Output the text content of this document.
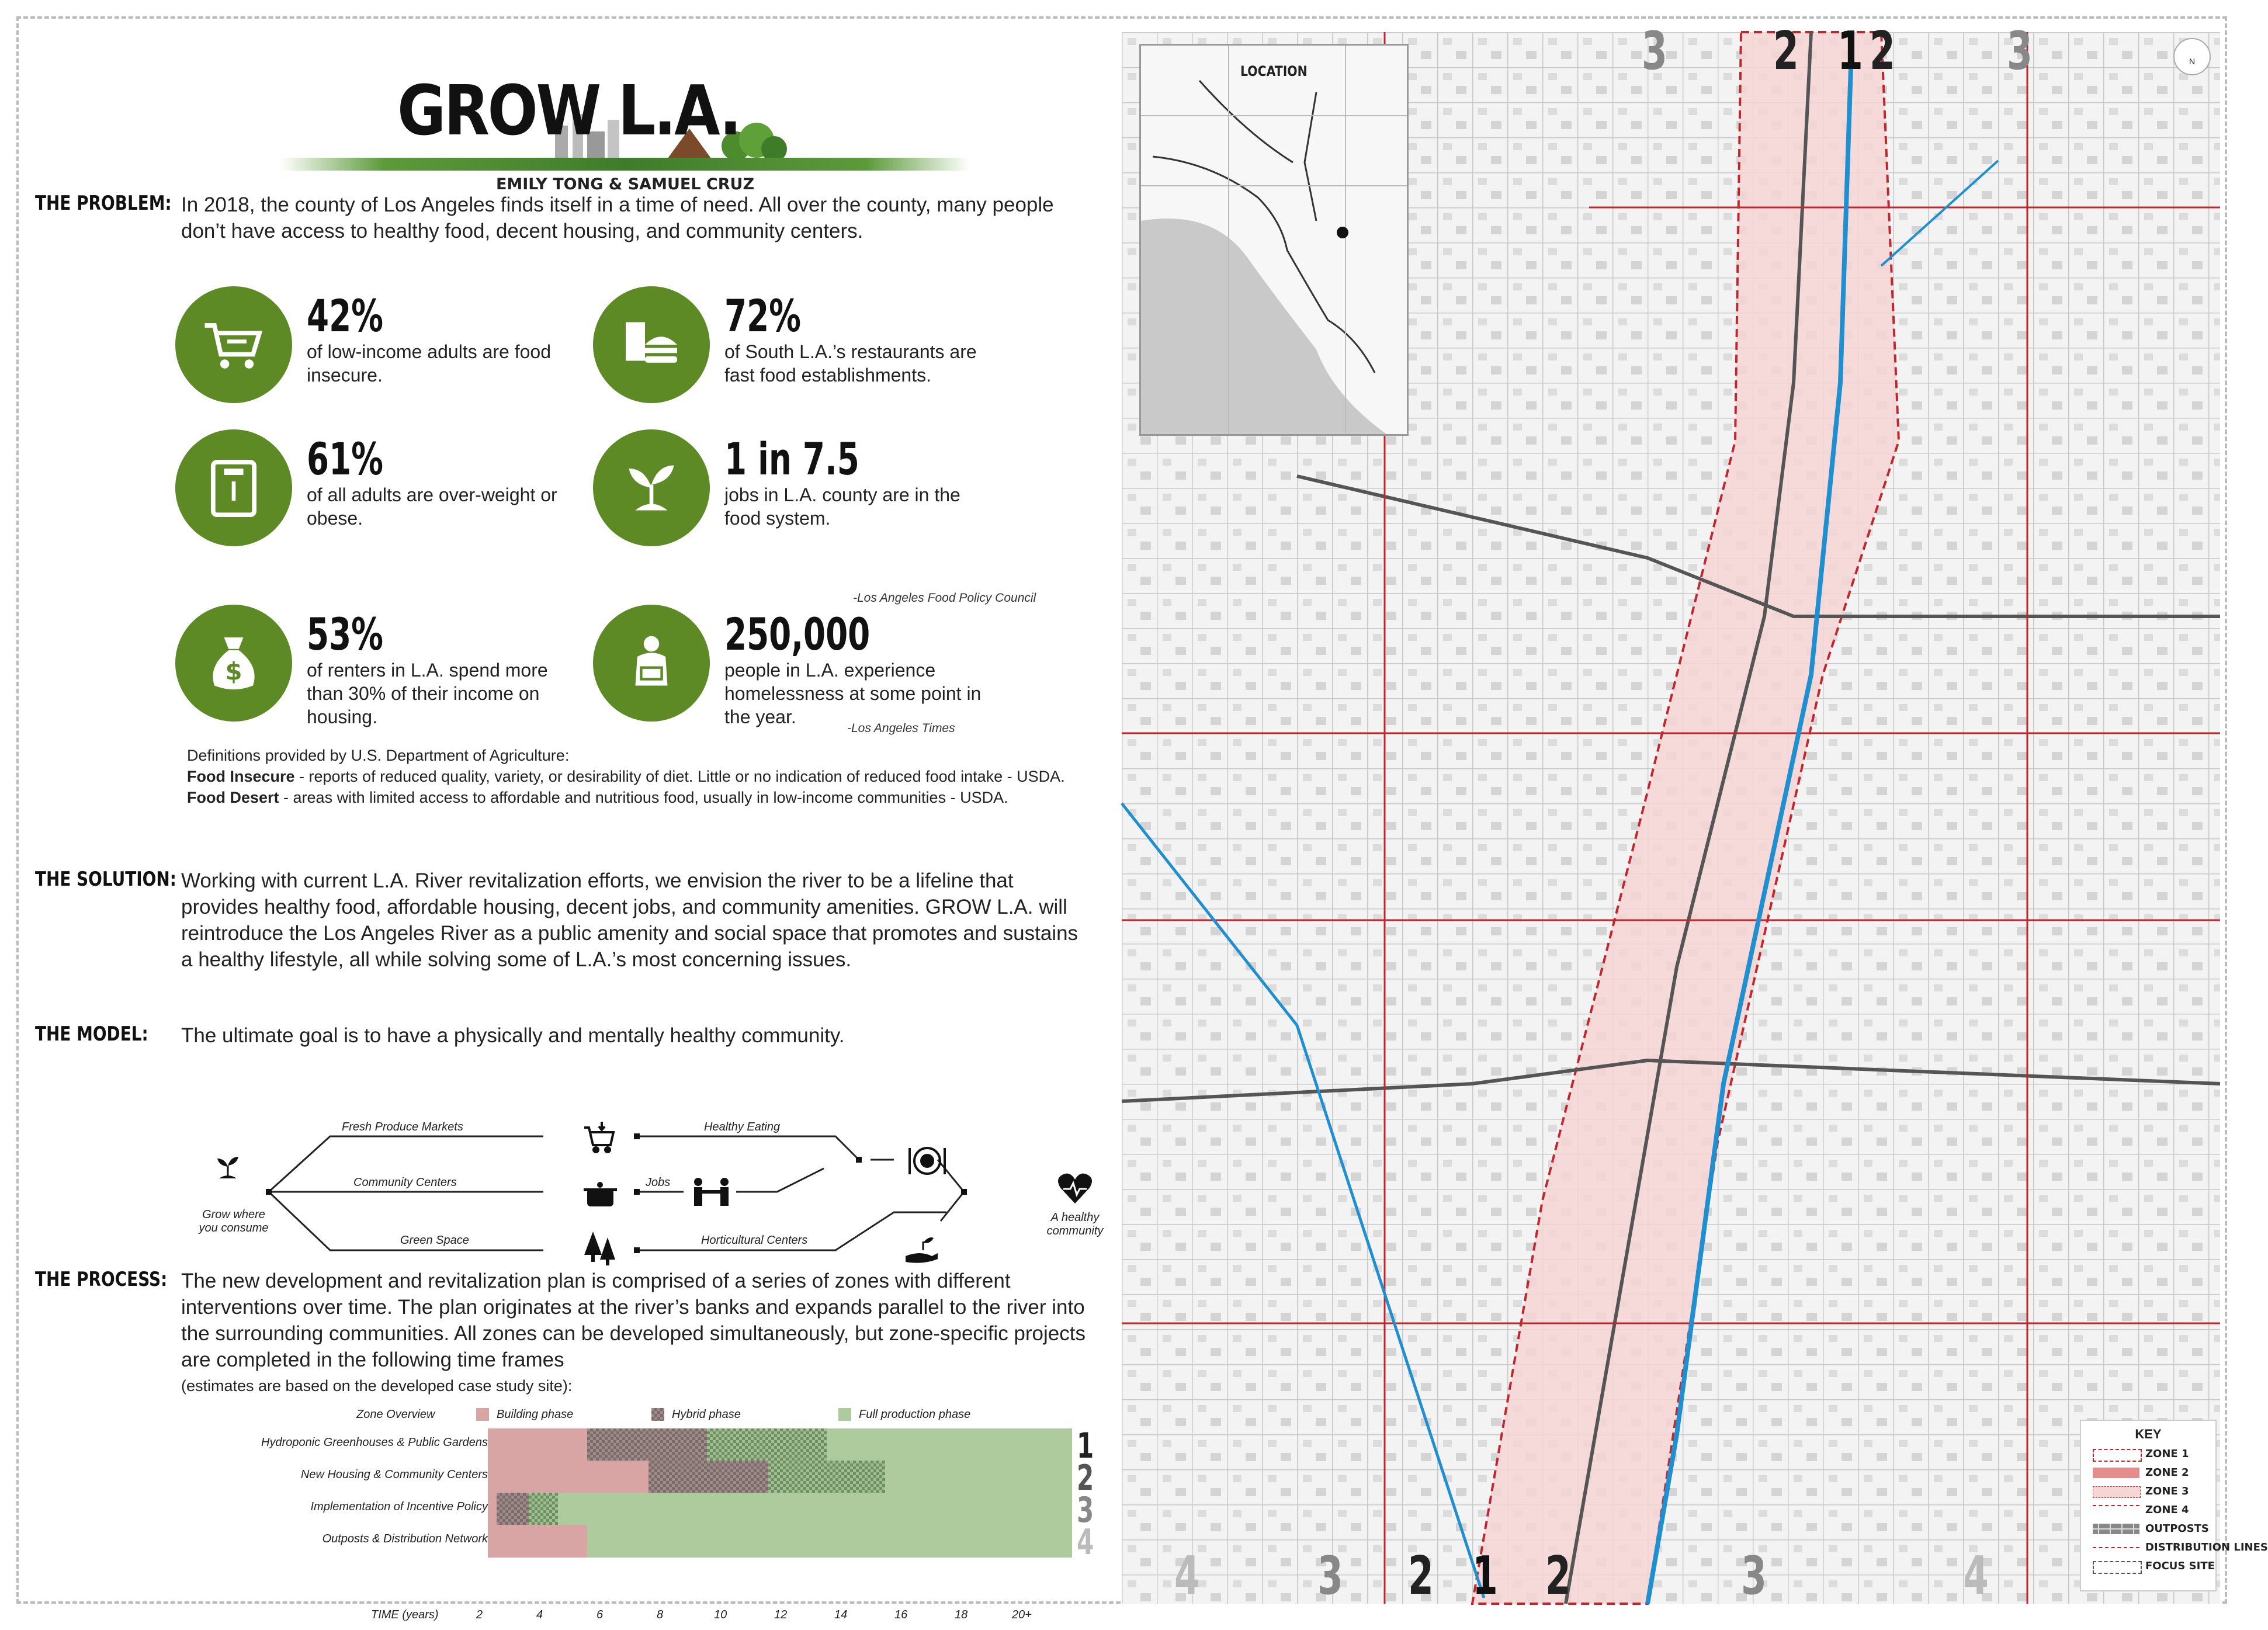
GROW L.A.
EMILY TONG & SAMUEL CRUZ
THE PROBLEM: In 2018, the county of Los Angeles finds itself in a time of need. All over the county, many people don’t have access to healthy food, decent housing, and community centers.
42%
of low-income adults are food insecure.
72%
of South L.A.’s restaurants are fast food establishments.
61%
of all adults are over-weight or obese.
1 in 7.5
jobs in L.A. county are in the food system.
-Los Angeles Food Policy Council
$
53%
of renters in L.A. spend more than 30% of their income on housing.
250,000
people in L.A. experience homelessness at some point in the year.
-Los Angeles Times
Definitions provided by U.S. Department of Agriculture:
Food Insecure - reports of reduced quality, variety, or desirability of diet. Little or no indication of reduced food intake - USDA.
Food Desert - areas with limited access to affordable and nutritious food, usually in low-income communities - USDA.
THE SOLUTION: Working with current L.A. River revitalization efforts, we envision the river to be a lifeline that provides healthy food, affordable housing, decent jobs, and community amenities. GROW L.A. will reintroduce the Los Angeles River as a public amenity and social space that promotes and sustains a healthy lifestyle, all while solving some of L.A.’s most concerning issues.
THE MODEL: The ultimate goal is to have a physically and mentally healthy community.
Fresh Produce Markets
Community Centers
Green Space
Healthy Eating
Jobs
Horticultural Centers
Grow where you consume
A healthy community
THE PROCESS: The new development and revitalization plan is comprised of a series of zones with different interventions over time. The plan originates at the river’s banks and expands parallel to the river into the surrounding communities. All zones can be developed simultaneously, but zone-specific projects are completed in the following time frames
(estimates are based on the developed case study site):
Zone Overview	Building phase	Hybrid phase	Full production phase
Hydroponic Greenhouses & Public Gardens	1
New Housing & Community Centers	2
Implementation of Incentive Policy	3
Outposts & Distribution Network	4
TIME (years)	2	4	6	8	10	12	14	16	18	20+
3 2 1 2 3
4 3 2 1 2	3	4
LOCATION
N
KEY
ZONE 1
ZONE 2
ZONE 3
ZONE 4
OUTPOSTS
DISTRIBUTION LINES
FOCUS SITE
